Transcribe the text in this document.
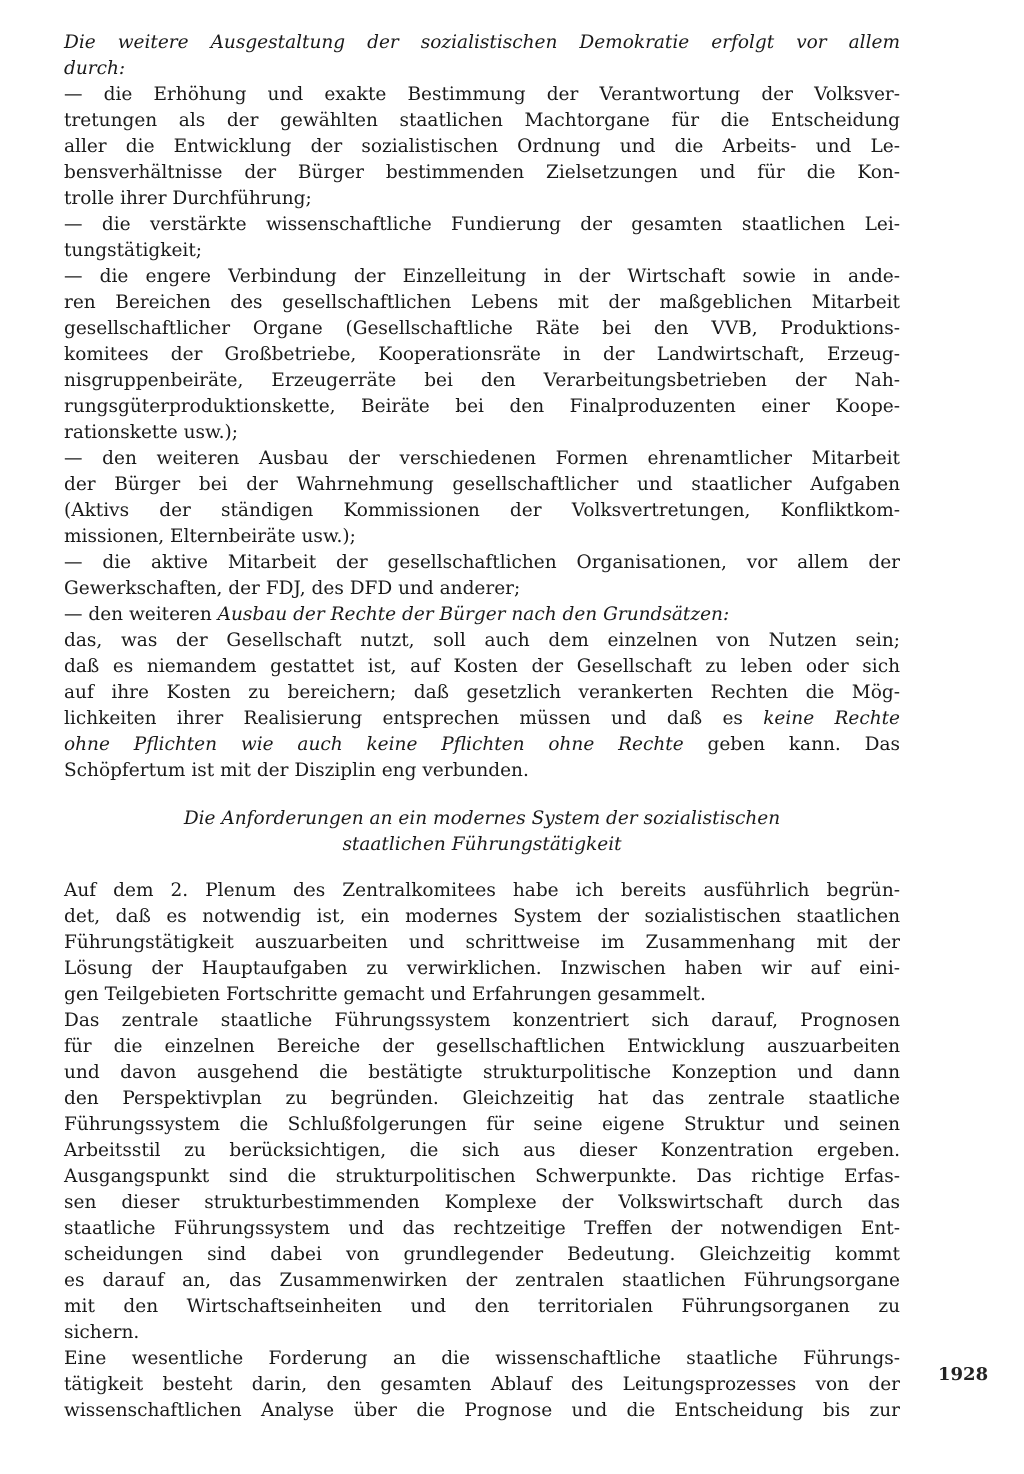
Die weitere Ausgestaltung der sozialistischen Demokratie erfolgt vor allem
durch:
— die Erhöhung und exakte Bestimmung der Verantwortung der Volksver-
tretungen als der gewählten staatlichen Machtorgane für die Entscheidung
aller die Entwicklung der sozialistischen Ordnung und die Arbeits- und Le-
bensverhältnisse der Bürger bestimmenden Zielsetzungen und für die Kon-
trolle ihrer Durchführung;
— die verstärkte wissenschaftliche Fundierung der gesamten staatlichen Lei-
tungstätigkeit;
— die engere Verbindung der Einzelleitung in der Wirtschaft sowie in ande-
ren Bereichen des gesellschaftlichen Lebens mit der maßgeblichen Mitarbeit
gesellschaftlicher Organe (Gesellschaftliche Räte bei den VVB, Produktions-
komitees der Großbetriebe, Kooperationsräte in der Landwirtschaft, Erzeug-
nisgruppenbeiräte, Erzeugerräte bei den Verarbeitungsbetrieben der Nah-
rungsgüterproduktionskette, Beiräte bei den Finalproduzenten einer Koope-
rationskette usw.);
— den weiteren Ausbau der verschiedenen Formen ehrenamtlicher Mitarbeit
der Bürger bei der Wahrnehmung gesellschaftlicher und staatlicher Aufgaben
(Aktivs der ständigen Kommissionen der Volksvertretungen, Konfliktkom-
missionen, Elternbeiräte usw.);
— die aktive Mitarbeit der gesellschaftlichen Organisationen, vor allem der
Gewerkschaften, der FDJ, des DFD und anderer;
— den weiteren Ausbau der Rechte der Bürger nach den Grundsätzen:
das, was der Gesellschaft nutzt, soll auch dem einzelnen von Nutzen sein;
daß es niemandem gestattet ist, auf Kosten der Gesellschaft zu leben oder sich
auf ihre Kosten zu bereichern; daß gesetzlich verankerten Rechten die Mög-
lichkeiten ihrer Realisierung entsprechen müssen und daß es keine Rechte
ohne Pflichten wie auch keine Pflichten ohne Rechte geben kann. Das
Schöpfertum ist mit der Disziplin eng verbunden.
Die Anforderungen an ein modernes System der sozialistischen
staatlichen Führungstätigkeit
Auf dem 2. Plenum des Zentralkomitees habe ich bereits ausführlich begrün-
det, daß es notwendig ist, ein modernes System der sozialistischen staatlichen
Führungstätigkeit auszuarbeiten und schrittweise im Zusammenhang mit der
Lösung der Hauptaufgaben zu verwirklichen. Inzwischen haben wir auf eini-
gen Teilgebieten Fortschritte gemacht und Erfahrungen gesammelt.
Das zentrale staatliche Führungssystem konzentriert sich darauf, Prognosen
für die einzelnen Bereiche der gesellschaftlichen Entwicklung auszuarbeiten
und davon ausgehend die bestätigte strukturpolitische Konzeption und dann
den Perspektivplan zu begründen. Gleichzeitig hat das zentrale staatliche
Führungssystem die Schlußfolgerungen für seine eigene Struktur und seinen
Arbeitsstil zu berücksichtigen, die sich aus dieser Konzentration ergeben.
Ausgangspunkt sind die strukturpolitischen Schwerpunkte. Das richtige Erfas-
sen dieser strukturbestimmenden Komplexe der Volkswirtschaft durch das
staatliche Führungssystem und das rechtzeitige Treffen der notwendigen Ent-
scheidungen sind dabei von grundlegender Bedeutung. Gleichzeitig kommt
es darauf an, das Zusammenwirken der zentralen staatlichen Führungsorgane
mit den Wirtschaftseinheiten und den territorialen Führungsorganen zu
sichern.
Eine wesentliche Forderung an die wissenschaftliche staatliche Führungs-
tätigkeit besteht darin, den gesamten Ablauf des Leitungsprozesses von der
wissenschaftlichen Analyse über die Prognose und die Entscheidung bis zur
1928
